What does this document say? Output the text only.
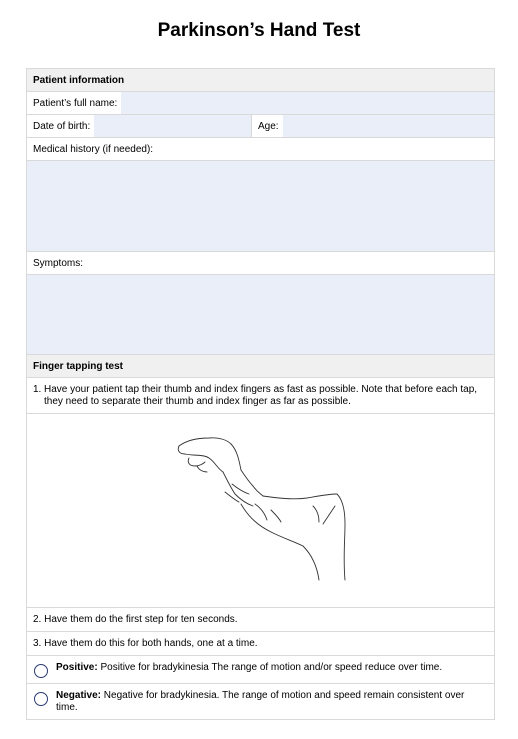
Parkinson’s Hand Test
Patient information
Patient’s full name:
Date of birth:	Age:
Medical history (if needed):
Symptoms:
Finger tapping test
1. Have your patient tap their thumb and index fingers as fast as possible. Note that before each tap, they need to separate their thumb and index finger as far as possible.
2. Have them do the first step for ten seconds.
3. Have them do this for both hands, one at a time.
Positive: Positive for bradykinesia The range of motion and/or speed reduce over time.
Negative: Negative for bradykinesia. The range of motion and speed remain consistent over time.
